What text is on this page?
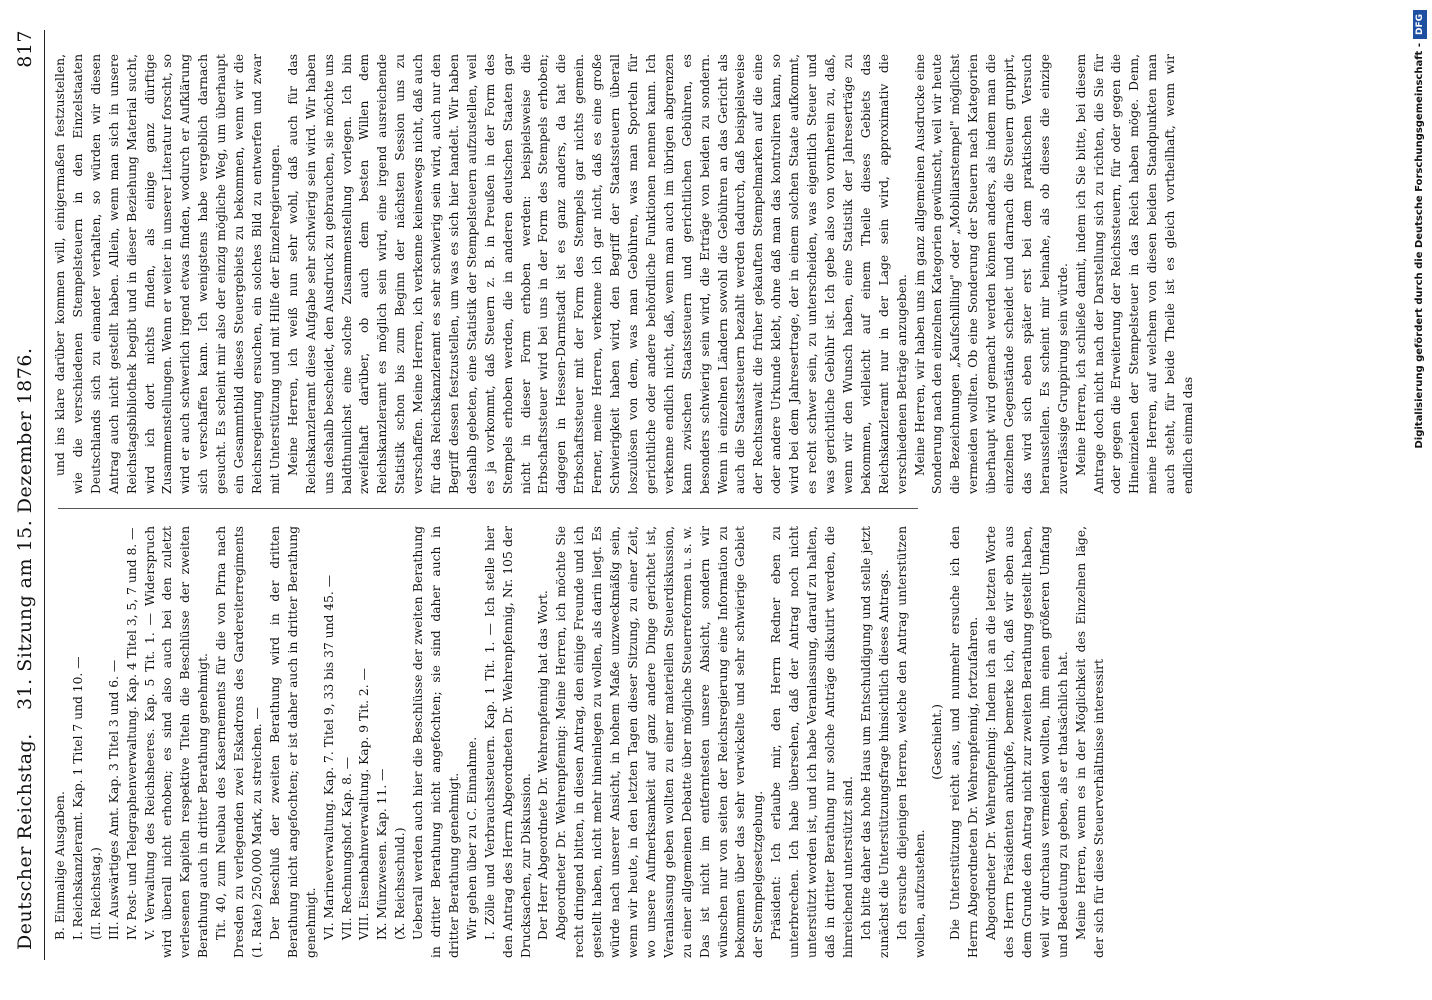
Deutscher Reichstag.
31. Sitzung am 15. Dezember 1876.
817

B. Einmalige Ausgaben. I. Reichskanzleramt. Kap. 1 Titel 7 und 10. — (II. Reichstag.) III. Auswärtiges Amt. Kap. 3 Titel 3 und 6. — IV. Post- und Telegraphenverwaltung. Kap. 4 Titel 3, 5, 7 und 8. — V. Verwaltung des Reichsheeres. Kap. 5 Tit. 1. — Widerspruch wird überall nicht erhoben; es sind also auch bei den zuletzt verlesenen Kapiteln respektive Titeln die Beschlüsse der zweiten Berathung auch in dritter Berathung genehmigt. Tit. 40, zum Neubau des Kasernements für die von Pirna nach Dresden zu verlegenden zwei Eskadrons des Gardereiterregiments (1. Rate) 250,000 Mark, zu streichen. — Der Beschluß der zweiten Berathung wird in der dritten Berathung nicht angefochten; er ist daher auch in dritter Berathung genehmigt. VI. Marineverwaltung. Kap. 7. Titel 9, 33 bis 37 und 45. — VII. Rechnungshof. Kap. 8. — VIII. Eisenbahnverwaltung. Kap. 9 Tit. 2. — IX. Münzwesen. Kap. 11. — (X. Reichsschuld.) Ueberall werden auch hier die Beschlüsse der zweiten Berathung in dritter Berathung nicht angefochten; sie sind daher auch in dritter Berathung genehmigt. Wir gehen über zu C. Einnahme. I. Zölle und Verbrauchssteuern. Kap. 1 Tit. 1. — Ich stelle hier den Antrag des Herrn Abgeordneten Dr. Wehrenpfennig, Nr. 105 der Drucksachen, zur Diskussion. Der Herr Abgeordnete Dr. Wehrenpfennig hat das Wort. Abgeordneter Dr. Wehrenpfennig: Meine Herren, ich möchte Sie recht dringend bitten, in diesen Antrag, den einige Freunde und ich gestellt haben, nicht mehr hineinlegen zu wollen, als darin liegt. Es würde nach unserer Ansicht, in hohem Maße unzweckmäßig sein, wenn wir heute, in den letzten Tagen dieser Sitzung, zu einer Zeit, wo unsere Aufmerksamkeit auf ganz andere Dinge gerichtet ist, Veranlassung geben wollten zu einer materiellen Steuerdiskussion, zu einer allgemeinen Debatte über mögliche Steuerreformen u. s. w. Das ist nicht im entferntesten unsere Absicht, sondern wir wünschen nur von seiten der Reichsregierung eine Information zu bekommen über das sehr verwickelte und sehr schwierige Gebiet der Stempelgesetzgebung. Präsident: Ich erlaube mir, den Herrn Redner eben zu unterbrechen. Ich habe übersehen, daß der Antrag noch nicht unterstützt worden ist, und ich habe Veranlassung, darauf zu halten, daß in dritter Berathung nur solche Anträge diskutirt werden, die hinreichend unterstützt sind. Ich bitte daher das hohe Haus um Entschuldigung und stelle jetzt zunächst die Unterstützungsfrage hinsichtlich dieses Antrags. Ich ersuche diejenigen Herren, welche den Antrag unterstützen wollen, aufzustehen.

(Geschieht.) Die Unterstützung reicht aus, und nunmehr ersuche ich den Herrn Abgeordneten Dr. Wehrenpfennig, fortzufahren. Abgeordneter Dr. Wehrenpfennig: Indem ich an die letzten Worte des Herrn Präsidenten anknüpfe, bemerke ich, daß wir eben aus dem Grunde den Antrag nicht zur zweiten Berathung gestellt haben, weil wir durchaus vermeiden wollten, ihm einen größeren Umfang und Bedeutung zu geben, als er thatsächlich hat. Meine Herren, wenn es in der Möglichkeit des Einzelnen läge, der sich für diese Steuerverhältnisse interessirt

und ins klare darüber kommen will, einigermaßen festzustellen, wie die verschiedenen Stempelsteuern in den Einzelstaaten Deutschlands sich zu einander verhalten, so würden wir diesen Antrag auch nicht gestellt haben. Allein, wenn man sich in unsere Reichstagsbibliothek begibt und in dieser Beziehung Material sucht, wird ich dort nichts finden, als einige ganz dürftige Zusammenstellungen. Wenn er weiter in unserer Literatur forscht, so wird er auch schwerlich irgend etwas finden, wodurch er Aufklärung sich verschaffen kann. Ich wenigstens habe vergeblich darnach gesucht. Es scheint mir also der einzig mögliche Weg, um überhaupt ein Gesammtbild dieses Steuergebiets zu bekommen, wenn wir die Reichsregierung ersuchen, ein solches Bild zu entwerfen und zwar mit Unterstützung und mit Hilfe der Einzelregierungen. Meine Herren, ich weiß nun sehr wohl, daß auch für das Reichskanzleramt diese Aufgabe sehr schwierig sein wird. Wir haben uns deshalb bescheidet, den Ausdruck zu gebrauchen, sie möchte uns baldthunlichst eine solche Zusammenstellung vorlegen. Ich bin zweifelhaft darüber, ob auch dem besten Willen dem Reichskanzleramt es möglich sein wird, eine irgend ausreichende Statistik schon bis zum Beginn der nächsten Session uns zu verschaffen. Meine Herren, ich verkenne keineswegs nicht, daß auch für das Reichskanzleramt es sehr schwierig sein wird, auch nur den Begriff dessen festzustellen, um was es sich hier handelt. Wir haben deshalb gebeten, eine Statistik der Stempelsteuern aufzustellen, weil es ja vorkommt, daß Steuern z. B. in Preußen in der Form des Stempels erhoben werden, die in anderen deutschen Staaten gar nicht in dieser Form erhoben werden: beispielsweise die Erbschaftssteuer wird bei uns in der Form des Stempels erhoben; dagegen in Hessen-Darmstadt ist es ganz anders, da hat die Erbschaftssteuer mit der Form des Stempels gar nichts gemein. Ferner, meine Herren, verkenne ich gar nicht, daß es eine große Schwierigkeit haben wird, den Begriff der Staatssteuern überall loszulösen von dem, was man Gebühren, was man Sporteln für gerichtliche oder andere behördliche Funktionen nennen kann. Ich verkenne endlich nicht, daß, wenn man auch im übrigen abgrenzen kann zwischen Staatssteuern und gerichtlichen Gebühren, es besonders schwierig sein wird, die Erträge von beiden zu sondern. Wenn in einzelnen Ländern sowohl die Gebühren an das Gericht als auch die Staatssteuern bezahlt werden dadurch, daß beispielsweise der Rechtsanwalt die früher gekauften Stempelmarken auf die eine oder andere Urkunde klebt, ohne daß man das kontroliren kann, so wird bei dem Jahresertrage, der in einem solchen Staate aufkommt, es recht schwer sein, zu unterscheiden, was eigentlich Steuer und was gerichtliche Gebühr ist. Ich gebe also von vornherein zu, daß, wenn wir den Wunsch haben, eine Statistik der Jahreserträge zu bekommen, vielleicht auf einem Theile dieses Gebiets das Reichskanzleramt nur in der Lage sein wird, approximativ die verschiedenen Beträge anzugeben. Meine Herren, wir haben uns im ganz allgemeinen Ausdrucke eine Sonderung nach den einzelnen Kategorien gewünscht, weil wir heute die Bezeichnungen „Kaufschilling" oder „Mobiliarstempel" möglichst vermeiden wollten. Ob eine Sonderung der Steuern nach Kategorien überhaupt wird gemacht werden können anders, als indem man die einzelnen Gegenstände scheidet und darnach die Steuern gruppirt, das wird sich eben später erst bei dem praktischen Versuch herausstellen. Es scheint mir beinahe, als ob dieses die einzige zuverlässige Gruppirung sein würde. Meine Herren, ich schließe damit, indem ich Sie bitte, bei diesem Antrage doch nicht nach der Darstellung sich zu richten, die Sie für oder gegen die Erweiterung der Reichssteuern, für oder gegen die Hineinziehen der Stempelsteuer in das Reich haben möge. Denn, meine Herren, auf welchem von diesen beiden Standpunkten man auch steht, für beide Theile ist es gleich vortheilhaft, wenn wir endlich einmal das	Digitalisierung gefördert durch die Deutsche Forschungsgemeinschaft -DFG
